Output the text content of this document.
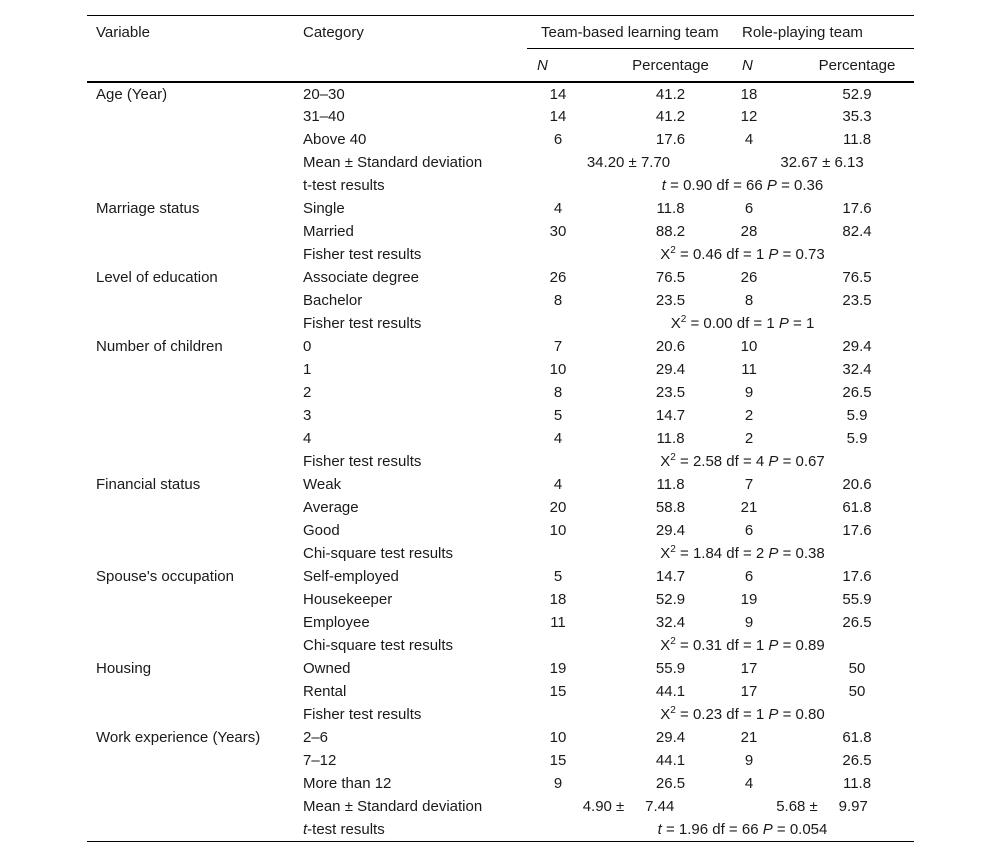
Variable	Category	Team-based learning team		Role-playing team	
		N	Percentage	N	Percentage
Age (Year)	20–30	14	41.2	18	52.9
	31–40	14	41.2	12	35.3
	Above 40	6	17.6	4	11.8
	Mean ± Standard deviation	34.20 ± 7.70		32.67 ± 6.13	
	t-test results	t = 0.90 df = 66 P = 0.36			
Marriage status	Single	4	11.8	6	17.6
	Married	30	88.2	28	82.4
	Fisher test results	$X^2 = 0.46$ df = 1 P = 0.73			
Level of education	Associate degree	26	76.5	26	76.5
	Bachelor	8	23.5	8	23.5
	Fisher test results	$X^2 = 0.00$ df = 1 P = 1			
Number of children	0	7	20.6	10	29.4
	1	10	29.4	11	32.4
	2	8	23.5	9	26.5
	3	5	14.7	2	5.9
	4	4	11.8	2	5.9
	Fisher test results	$X^2 = 2.58$ df = 4 P = 0.67			
Financial status	Weak	4	11.8	7	20.6
	Average	20	58.8	21	61.8
	Good	10	29.4	6	17.6
	Chi-square test results	$X^2 = 1.84$ df = 2 P = 0.38			
Spouse's occupation	Self-employed	5	14.7	6	17.6
	Housekeeper	18	52.9	19	55.9
	Employee	11	32.4	9	26.5
	Chi-square test results	$X^2 = 0.31$ df = 1 P = 0.89			
Housing	Owned	19	55.9	17	50
	Rental	15	44.1	17	50
	Fisher test results	$X^2 = 0.23$ df = 1 P = 0.80			
Work experience (Years)	2–6	10	29.4	21	61.8
	7–12	15	44.1	9	26.5
	More than 12	9	26.5	4	11.8
	Mean ± Standard deviation	4.90 ±     7.44		5.68 ±     9.97	
	t-test results	t = 1.96 df = 66 P = 0.054			
